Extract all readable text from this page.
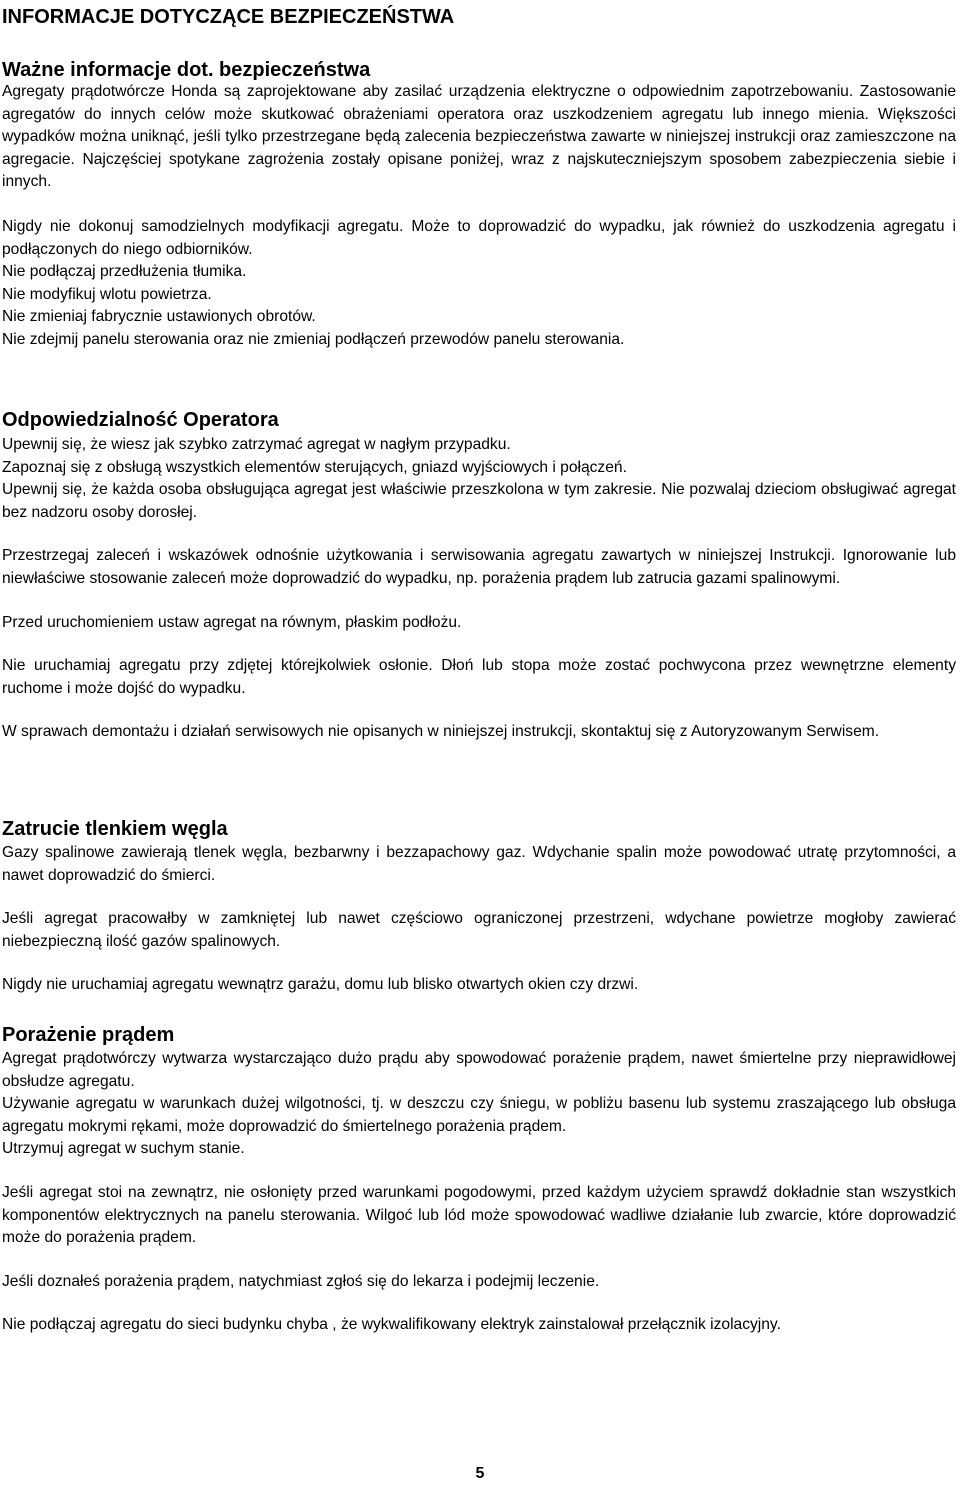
INFORMACJE DOTYCZĄCE BEZPIECZEŃSTWA
Ważne informacje dot. bezpieczeństwa

Agregaty prądotwórcze Honda są zaprojektowane aby zasilać urządzenia elektryczne o odpowiednim zapotrzebowaniu. Zastosowanie agregatów do innych celów może skutkować obrażeniami operatora oraz uszkodzeniem agregatu lub innego mienia. Większości wypadków można uniknąć, jeśli tylko przestrzegane będą zalecenia bezpieczeństwa zawarte w niniejszej instrukcji oraz zamieszczone na agregacie. Najczęściej spotykane zagrożenia zostały opisane poniżej, wraz z najskuteczniejszym sposobem zabezpieczenia siebie i innych.

Nigdy nie dokonuj samodzielnych modyfikacji agregatu. Może to doprowadzić do wypadku, jak również do uszkodzenia agregatu i podłączonych do niego odbiorników.

Nie podłączaj przedłużenia tłumika.

Nie modyfikuj wlotu powietrza.

Nie zmieniaj fabrycznie ustawionych obrotów.

Nie zdejmij panelu sterowania oraz nie zmieniaj podłączeń przewodów panelu sterowania.

Odpowiedzialność Operatora

Upewnij się, że wiesz jak szybko zatrzymać agregat w nagłym przypadku.

Zapoznaj się z obsługą wszystkich elementów sterujących, gniazd wyjściowych i połączeń.

Upewnij się, że każda osoba obsługująca agregat jest właściwie przeszkolona w tym zakresie. Nie pozwalaj dzieciom obsługiwać agregat bez nadzoru osoby dorosłej.

Przestrzegaj zaleceń i wskazówek odnośnie użytkowania i serwisowania agregatu zawartych w niniejszej Instrukcji. Ignorowanie lub niewłaściwe stosowanie zaleceń może doprowadzić do wypadku, np. porażenia prądem lub zatrucia gazami spalinowymi.

Przed uruchomieniem ustaw agregat na równym, płaskim podłożu.

Nie uruchamiaj agregatu przy zdjętej którejkolwiek osłonie. Dłoń lub stopa może zostać pochwycona przez wewnętrzne elementy ruchome i może dojść do wypadku.

W sprawach demontażu i działań serwisowych nie opisanych w niniejszej instrukcji, skontaktuj się z Autoryzowanym Serwisem.

Zatrucie tlenkiem węgla

Gazy spalinowe zawierają tlenek węgla, bezbarwny i bezzapachowy gaz. Wdychanie spalin może powodować utratę przytomności, a nawet doprowadzić do śmierci.

Jeśli agregat pracowałby w zamkniętej lub nawet częściowo ograniczonej przestrzeni, wdychane powietrze mogłoby zawierać niebezpieczną ilość gazów spalinowych.

Nigdy nie uruchamiaj agregatu wewnątrz garażu, domu lub blisko otwartych okien czy drzwi.

Porażenie prądem

Agregat prądotwórczy wytwarza wystarczająco dużo prądu aby spowodować porażenie prądem, nawet śmiertelne przy nieprawidłowej obsłudze agregatu.

Używanie agregatu w warunkach dużej wilgotności, tj. w deszczu czy śniegu, w pobliżu basenu lub systemu zraszającego lub obsługa agregatu mokrymi rękami, może doprowadzić do śmiertelnego porażenia prądem.

Utrzymuj agregat w suchym stanie.

Jeśli agregat stoi na zewnątrz, nie osłonięty przed warunkami pogodowymi, przed każdym użyciem sprawdź dokładnie stan wszystkich komponentów elektrycznych na panelu sterowania. Wilgoć lub lód może spowodować wadliwe działanie lub zwarcie, które doprowadzić może do porażenia prądem.

Jeśli doznałeś porażenia prądem, natychmiast zgłoś się do lekarza i podejmij leczenie.

Nie podłączaj agregatu do sieci budynku chyba , że wykwalifikowany elektryk zainstalował przełącznik izolacyjny.

5
